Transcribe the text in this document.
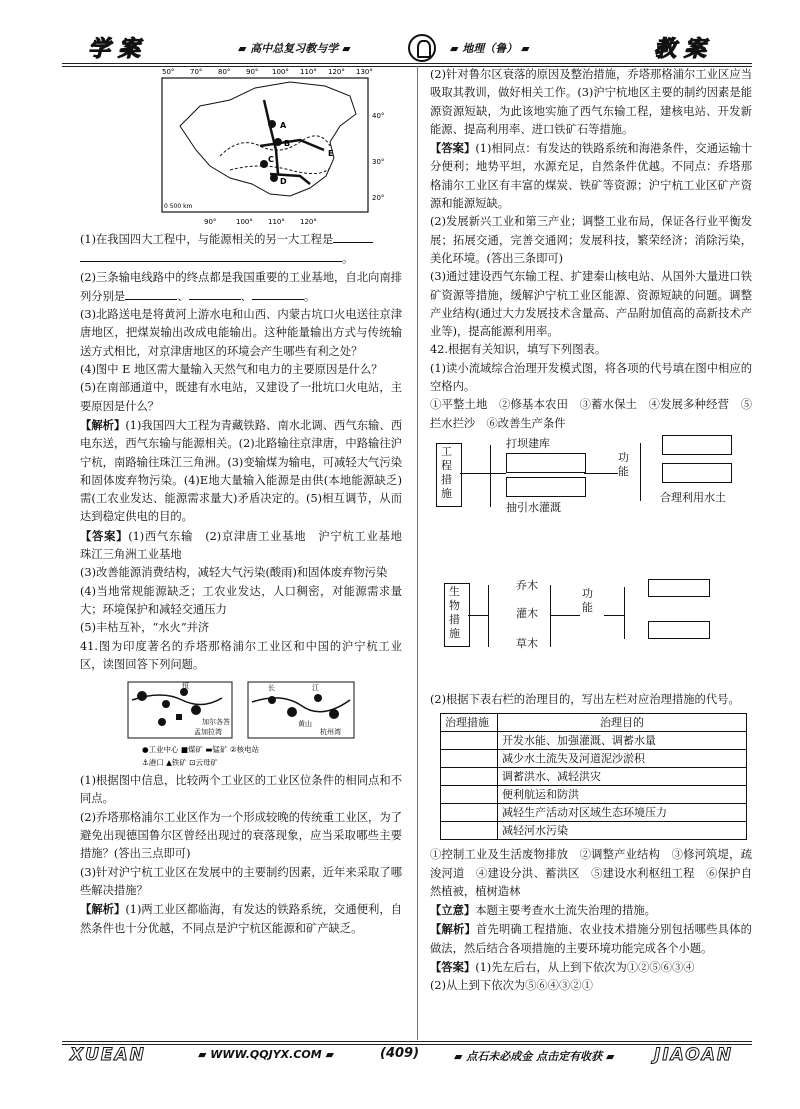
学案	▰ 高中总复习教与学 ▰	▰ 地理（鲁） ▰	教案
50° 70° 80° 90° 100° 110° 120° 130°
90°	100° 110° 120°
40°
30°
20°
A
B
C
D
E
0 500 km

(1)在我国四大工程中，与能源相关的另一大工程是

。

(2)三条输电线路中的终点都是我国重要的工业基地，自北向南排列分别是	、	、	。

(3)北路送电是将黄河上游水电和山西、内蒙古坑口火电送往京津唐地区，把煤炭输出改成电能输出。这种能量输出方式与传统输送方式相比，对京津唐地区的环境会产生哪些有利之处？

(4)图中 E 地区需大量输入天然气和电力的主要原因是什么？

(5)在南部通道中，既建有水电站，又建设了一批坑口火电站，主要原因是什么？

【解析】(1)我国四大工程为青藏铁路、南水北调、西气东输、西电东送，西气东输与能源相关。(2)北路输往京津唐，中路输往沪宁杭，南路输往珠江三角洲。(3)变输煤为输电，可减轻大气污染和固体废弃物污染。(4)E地大量输入能源是由供(本地能源缺乏)需(工农业发达、能源需求量大)矛盾决定的。(5)相互调节，从而达到稳定供电的目的。

【答案】(1)西气东输　(2)京津唐工业基地　沪宁杭工业基地　珠江三角洲工业基地

(3)改善能源消费结构，减轻大气污染(酸雨)和固体废弃物污染

(4)当地常规能源缺乏；工农业发达，人口稠密，对能源需求量大；环境保护和减轻交通压力

(5)丰枯互补，“水火”并济

41.图为印度著名的乔塔那格浦尔工业区和中国的沪宁杭工业区，读图回答下列问题。

恒	长	江
加尔各答
孟加拉湾
黄山
杭州湾
●工业中心 ■煤矿 ▬锰矿 ②核电站
⚓港口 ▲铁矿 ⊡云母矿

(1)根据图中信息，比较两个工业区的工业区位条件的相同点和不同点。

(2)乔塔那格浦尔工业区作为一个形成较晚的传统重工业区，为了避免出现德国鲁尔区曾经出现过的衰落现象，应当采取哪些主要措施？(答出三点即可)

(3)针对沪宁杭工业区在发展中的主要制约因素，近年来采取了哪些解决措施？

【解析】(1)两工业区都临海，有发达的铁路系统，交通便利，自然条件也十分优越，不同点是沪宁杭区能源和矿产缺乏。

(2)针对鲁尔区衰落的原因及整治措施，乔塔那格浦尔工业区应当吸取其教训，做好相关工作。(3)沪宁杭地区主要的制约因素是能源资源短缺，为此该地实施了西气东输工程，建核电站、开发新能源、提高利用率、进口铁矿石等措施。

【答案】(1)相同点：有发达的铁路系统和海港条件，交通运输十分便利；地势平坦，水源充足，自然条件优越。不同点：乔塔那格浦尔工业区有丰富的煤炭、铁矿等资源；沪宁杭工业区矿产资源和能源短缺。

(2)发展新兴工业和第三产业；调整工业布局，保证各行业平衡发展；拓展交通，完善交通网；发展科技，繁荣经济；消除污染，美化环境。(答出三条即可)

(3)通过建设西气东输工程、扩建秦山核电站、从国外大量进口铁矿资源等措施，缓解沪宁杭工业区能源、资源短缺的问题。调整产业结构(通过大力发展技术含量高、产品附加值高的高新技术产业等)，提高能源利用率。

42.根据有关知识，填写下列图表。

(1)读小流域综合治理开发模式图，将各项的代号填在图中相应的空格内。

①平整土地　②修基本农田　③蓄水保土　④发展多种经营　⑤拦水拦沙　⑥改善生产条件

工程措施
打坝建库
抽引水灌溉
功能
合理利用水土
生物措施
乔木
灌木
草木
功能

(2)根据下表右栏的治理目的，写出左栏对应治理措施的代号。

治理措施	治理目的
	开发水能、加强灌溉、调蓄水量
	减少水土流失及河道泥沙淤积
	调蓄洪水、减轻洪灾
	便利航运和防洪
	减轻生产活动对区域生态环境压力
	减轻河水污染

①控制工业及生活废物排放　②调整产业结构　③修河筑堤，疏浚河道　④建设分洪、蓄洪区　⑤建设水利枢纽工程　⑥保护自然植被，植树造林

【立意】本题主要考查水土流失治理的措施。

【解析】首先明确工程措施、农业技术措施分别包括哪些具体的做法，然后结合各项措施的主要环境功能完成各个小题。

【答案】(1)先左后右，从上到下依次为①②⑤⑥③④

(2)从上到下依次为⑤⑥④③②①

XUEAN	▰ WWW.QQJYX.COM ▰	(409)	▰ 点石未必成金 点击定有收获 ▰ JIAOAN
